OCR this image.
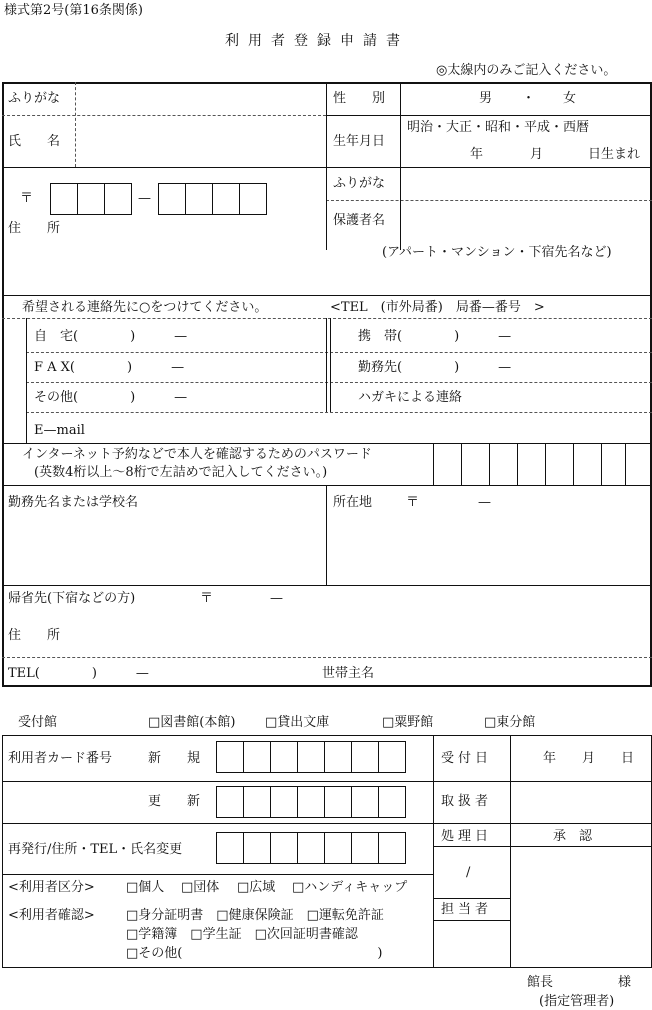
様式第2号(第16条関係)
利用者登録申請書
◎太線内のみご記入ください。
ふりがな	性　　別	男 ・ 女
氏　　名	生年月日
明治・大正・昭和・平成・西暦
年	月	日生まれ
〒	—
住　　所
ふりがな
保護者名
(アパート・マンション・下宿先名など)
希望される連絡先に○をつけてください。	<TEL　(市外局番)　局番—番号　>
自　宅(　　　　)　　　—	携　帯(　　　　)　　　—
F A X(　　　　)　　　—	勤務先(　　　　)　　　—
その他(　　　　)　　　—	ハガキによる連絡
E—mail
インターネット予約などで本人を確認するためのパスワード
(英数4桁以上～8桁で左詰めで記入してください。)
勤務先名または学校名	所在地	〒	—
帰省先(下宿などの方)	〒	—
住　　所
TEL(　　　　)　　　—	世帯主名
受付館	□図書館(本館) □貸出文庫	□粟野館	□東分館
利用者カード番号	新　　規
更　　新
再発行/住所・TEL・氏名変更
<利用者区分> □個人 □団体 □広域 □ハンディキャップ
<利用者確認> □身分証明書　□健康保険証　□運転免許証
□学籍簿　□学生証　□次回証明書確認
□その他(　　　　　　　　　　　　　　　)
受付日	年　　月　　日
取扱者
処理日	承　認
/
担当者
館長　　　　　様
(指定管理者)
